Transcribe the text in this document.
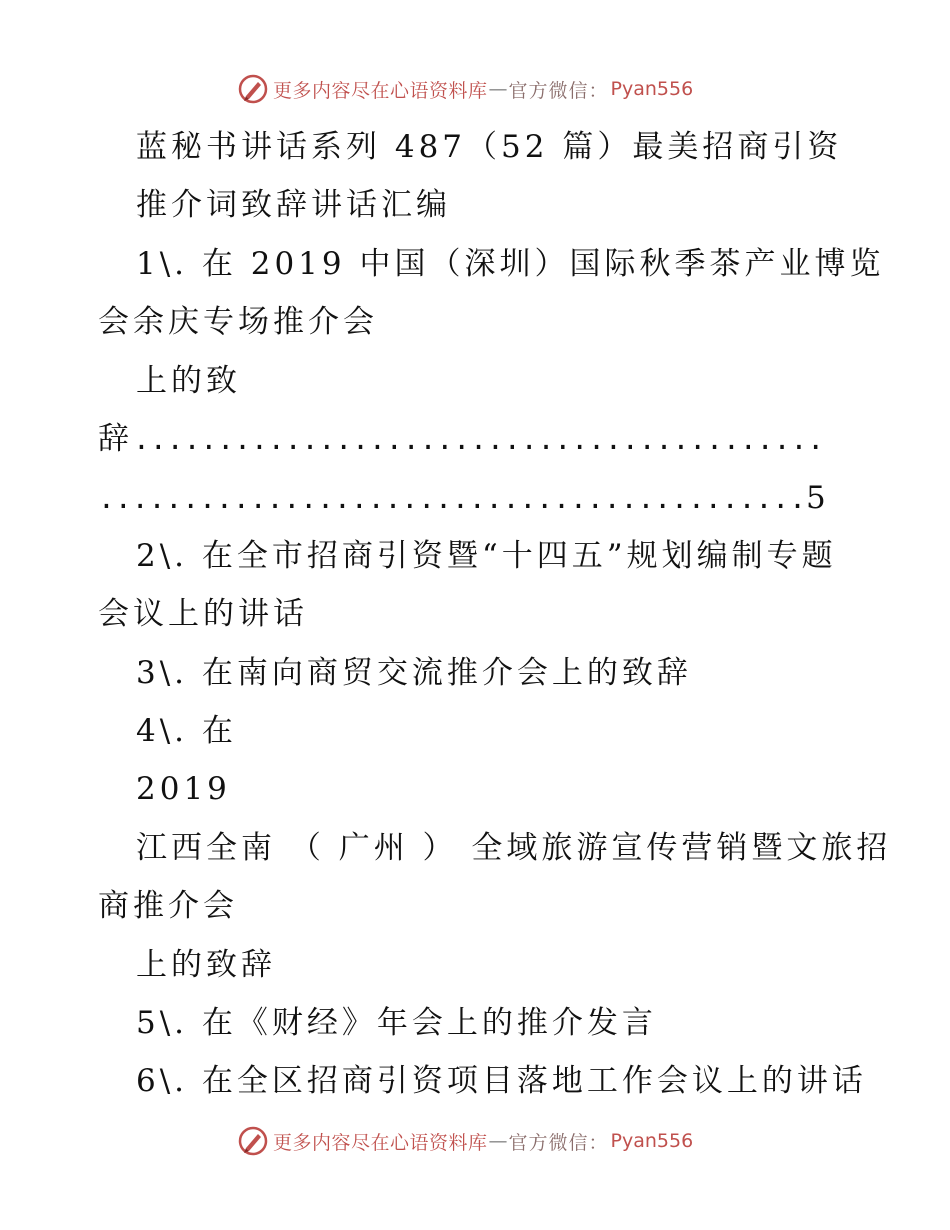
更多内容尽在心语资料库 — 官方微信： Pyan556
蓝秘书讲话系列 487（52 篇）最美招商引资
推介词致辞讲话汇编
1\. 在 2019 中国（深圳）国际秋季茶产业博览
会余庆专场推介会
上的致
辞.........................................
..........................................5
2\. 在全市招商引资暨“十四五”规划编制专题
会议上的讲话
3\. 在南向商贸交流推介会上的致辞
4\. 在
2019
江西全南 （ 广州 ） 全域旅游宣传营销暨文旅招
商推介会
上的致辞
5\. 在《财经》年会上的推介发言
6\. 在全区招商引资项目落地工作会议上的讲话
更多内容尽在心语资料库 — 官方微信： Pyan556
